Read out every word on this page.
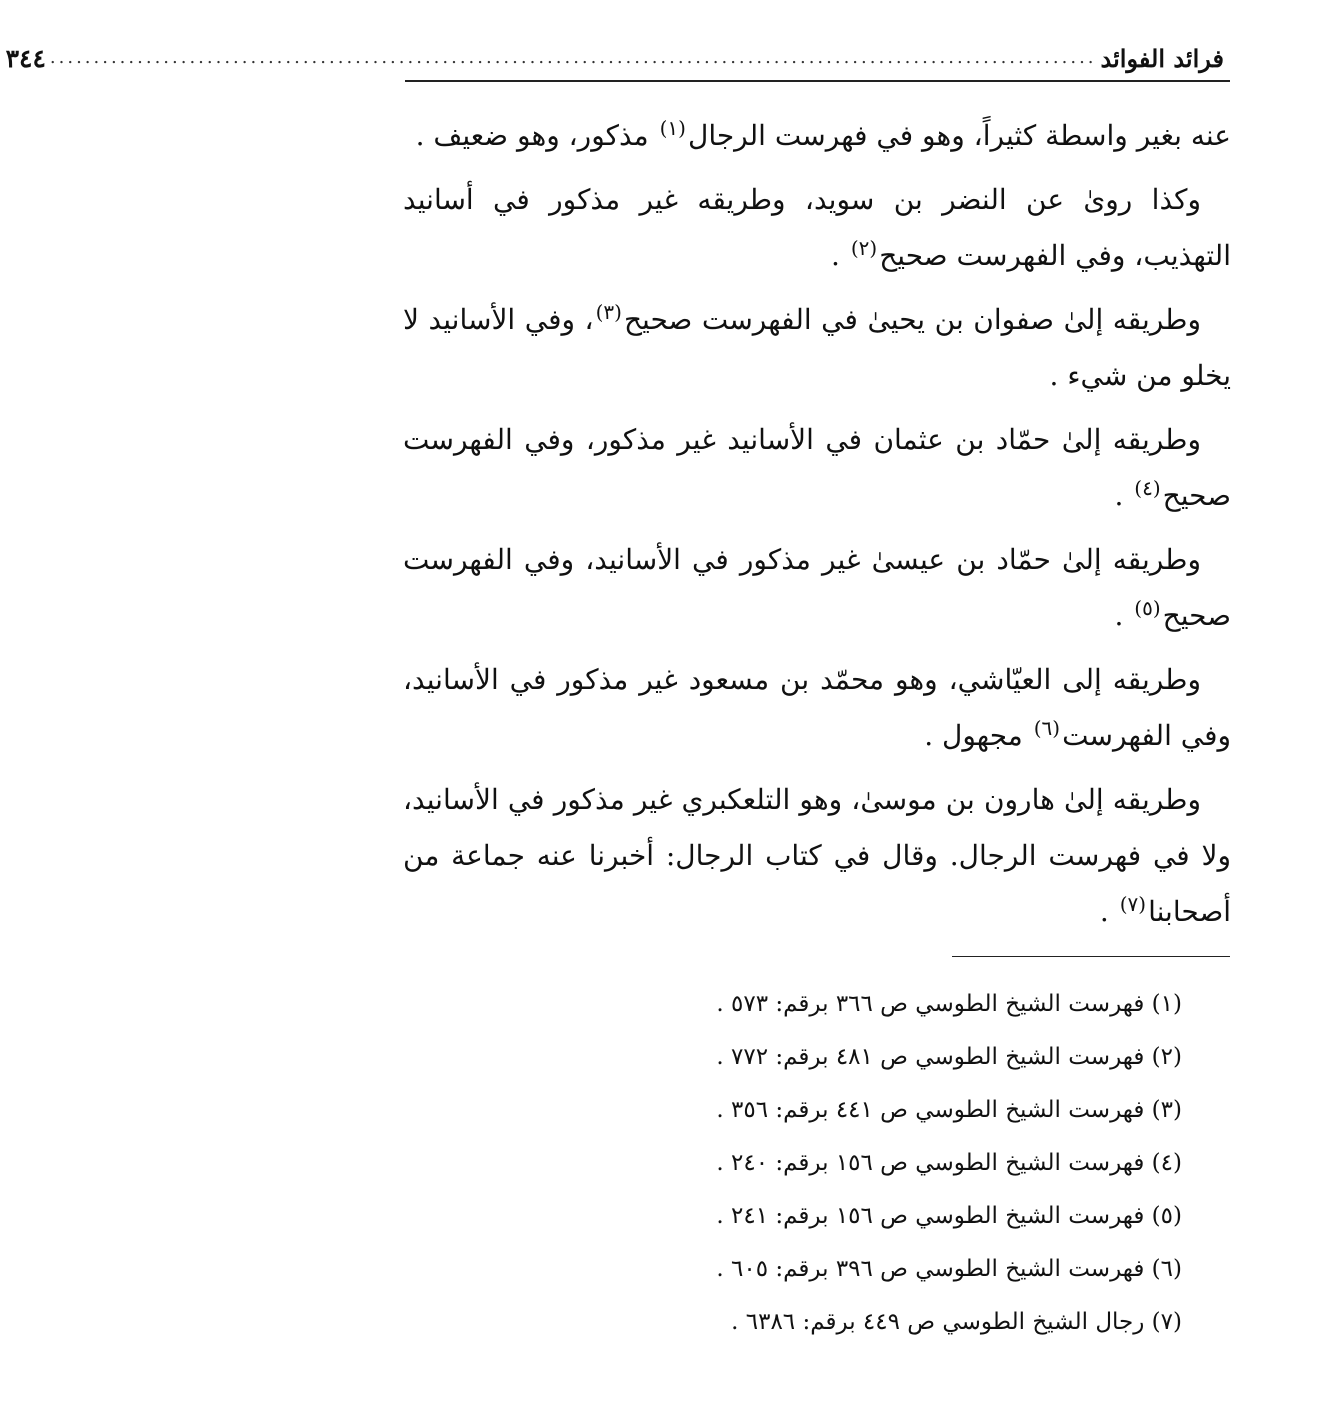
فرائد الفوائد
........................................................................................................................
٣٤٤

عنه بغير واسطة كثيراً، وهو في فهرست الرجال$^{(١)}$ مذكور، وهو ضعيف .

وكذا رویٰ عن النضر بن سويد، وطريقه غير مذكور في أسانيد التهذيب، وفي الفهرست صحيح$^{(٢)}$ .

وطريقه إلیٰ صفوان بن يحيیٰ في الفهرست صحيح$^{(٣)}$، وفي الأسانيد لا يخلو من شيء .

وطريقه إلیٰ حمّاد بن عثمان في الأسانيد غير مذكور، وفي الفهرست صحيح$^{(٤)}$ .

وطريقه إلیٰ حمّاد بن عيسیٰ غير مذكور في الأسانيد، وفي الفهرست صحيح$^{(٥)}$ .

وطريقه إلى العيّاشي، وهو محمّد بن مسعود غير مذكور في الأسانيد، وفي الفهرست$^{(٦)}$ مجهول .

وطريقه إلیٰ هارون بن موسیٰ، وهو التلعكبري غير مذكور في الأسانيد، ولا في فهرست الرجال. وقال في كتاب الرجال: أخبرنا عنه جماعة من أصحابنا$^{(٧)}$ .

(١) فهرست الشيخ الطوسي ص ٣٦٦ برقم: ٥٧٣ .
(٢) فهرست الشيخ الطوسي ص ٤٨١ برقم: ٧٧٢ .
(٣) فهرست الشيخ الطوسي ص ٤٤١ برقم: ٣٥٦ .
(٤) فهرست الشيخ الطوسي ص ١٥٦ برقم: ٢٤٠ .
(٥) فهرست الشيخ الطوسي ص ١٥٦ برقم: ٢٤١ .
(٦) فهرست الشيخ الطوسي ص ٣٩٦ برقم: ٦٠٥ .
(٧) رجال الشيخ الطوسي ص ٤٤٩ برقم: ٦٣٨٦ .
